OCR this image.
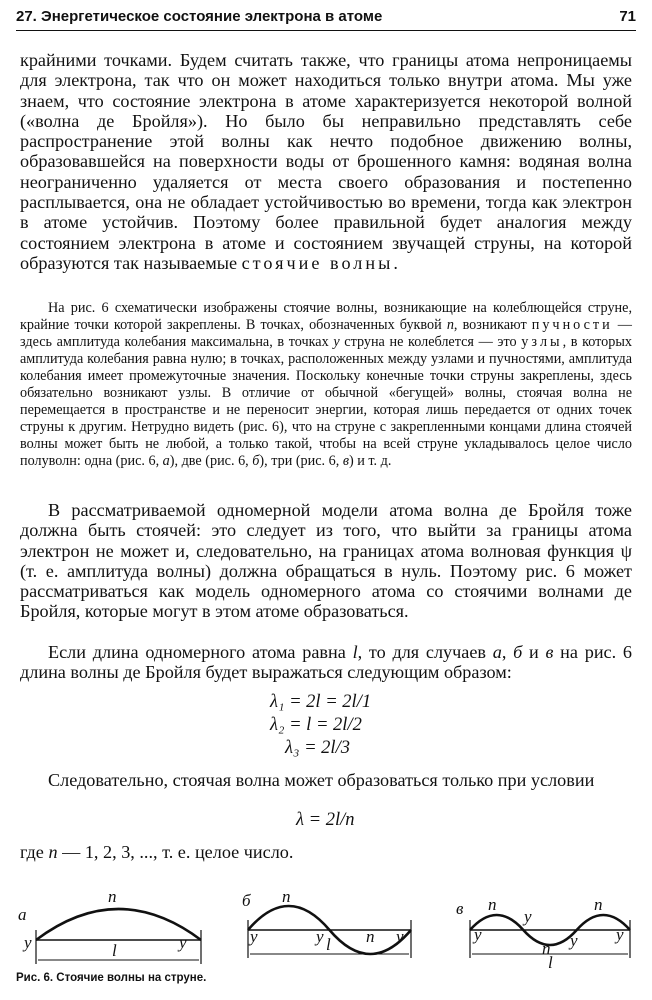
27. Энергетическое состояние электрона в атоме	71

крайними точками. Будем считать также, что границы атома непроницаемы для электрона, так что он может находиться только внутри атома. Мы уже знаем, что состояние электрона в атоме характеризуется некоторой волной («волна де Бройля»). Но было бы неправильно представлять себе распространение этой волны как нечто подобное движению волны, образовавшейся на поверхности воды от брошенного камня: водяная волна неограниченно удаляется от места своего образования и постепенно расплывается, она не обладает устойчивостью во времени, тогда как электрон в атоме устойчив. Поэтому более правильной будет аналогия между состоянием электрона в атоме и состоянием звучащей струны, на которой образуются так называемые стоячие волны.

На рис. 6 схематически изображены стоячие волны, возникающие на колеблющейся струне, крайние точки которой закреплены. В точках, обозначенных буквой n, возникают пучности — здесь амплитуда колебания максимальна, в точках y струна не колеблется — это узлы, в которых амплитуда колебания равна нулю; в точках, расположенных между узлами и пучностями, амплитуда колебания имеет промежуточные значения. Поскольку конечные точки струны закреплены, здесь обязательно возникают узлы. В отличие от обычной «бегущей» волны, стоячая волна не перемещается в пространстве и не переносит энергии, которая лишь передается от одних точек струны к другим. Нетрудно видеть (рис. 6), что на струне с закрепленными концами длина стоячей волны может быть не любой, а только такой, чтобы на всей струне укладывалось целое число полуволн: одна (рис. 6, а), две (рис. 6, б), три (рис. 6, в) и т. д.

В рассматриваемой одномерной модели атома волна де Бройля тоже должна быть стоячей: это следует из того, что выйти за границы атома электрон не может и, следовательно, на границах атома волновая функция ψ (т. е. амплитуда волны) должна обращаться в нуль. Поэтому рис. 6 может рассматриваться как модель одномерного атома со стоячими волнами де Бройля, которые могут в этом атоме образоваться.

Если длина одномерного атома равна l, то для случаев а, б и в на рис. 6 длина волны де Бройля будет выражаться следующим образом:

λ₁ = 2l = 2l/1
λ₂ = l = 2l/2
λ₃ = 2l/3

Следовательно, стоячая волна может образоваться только при условии

λ = 2l/n

где n — 1, 2, 3, ..., т. е. целое число.

а
n
y	y
l
б n
n
y	y	y
l
в n
n
n
y
y
y y
l
Рис. 6. Стоячие волны на струне.
